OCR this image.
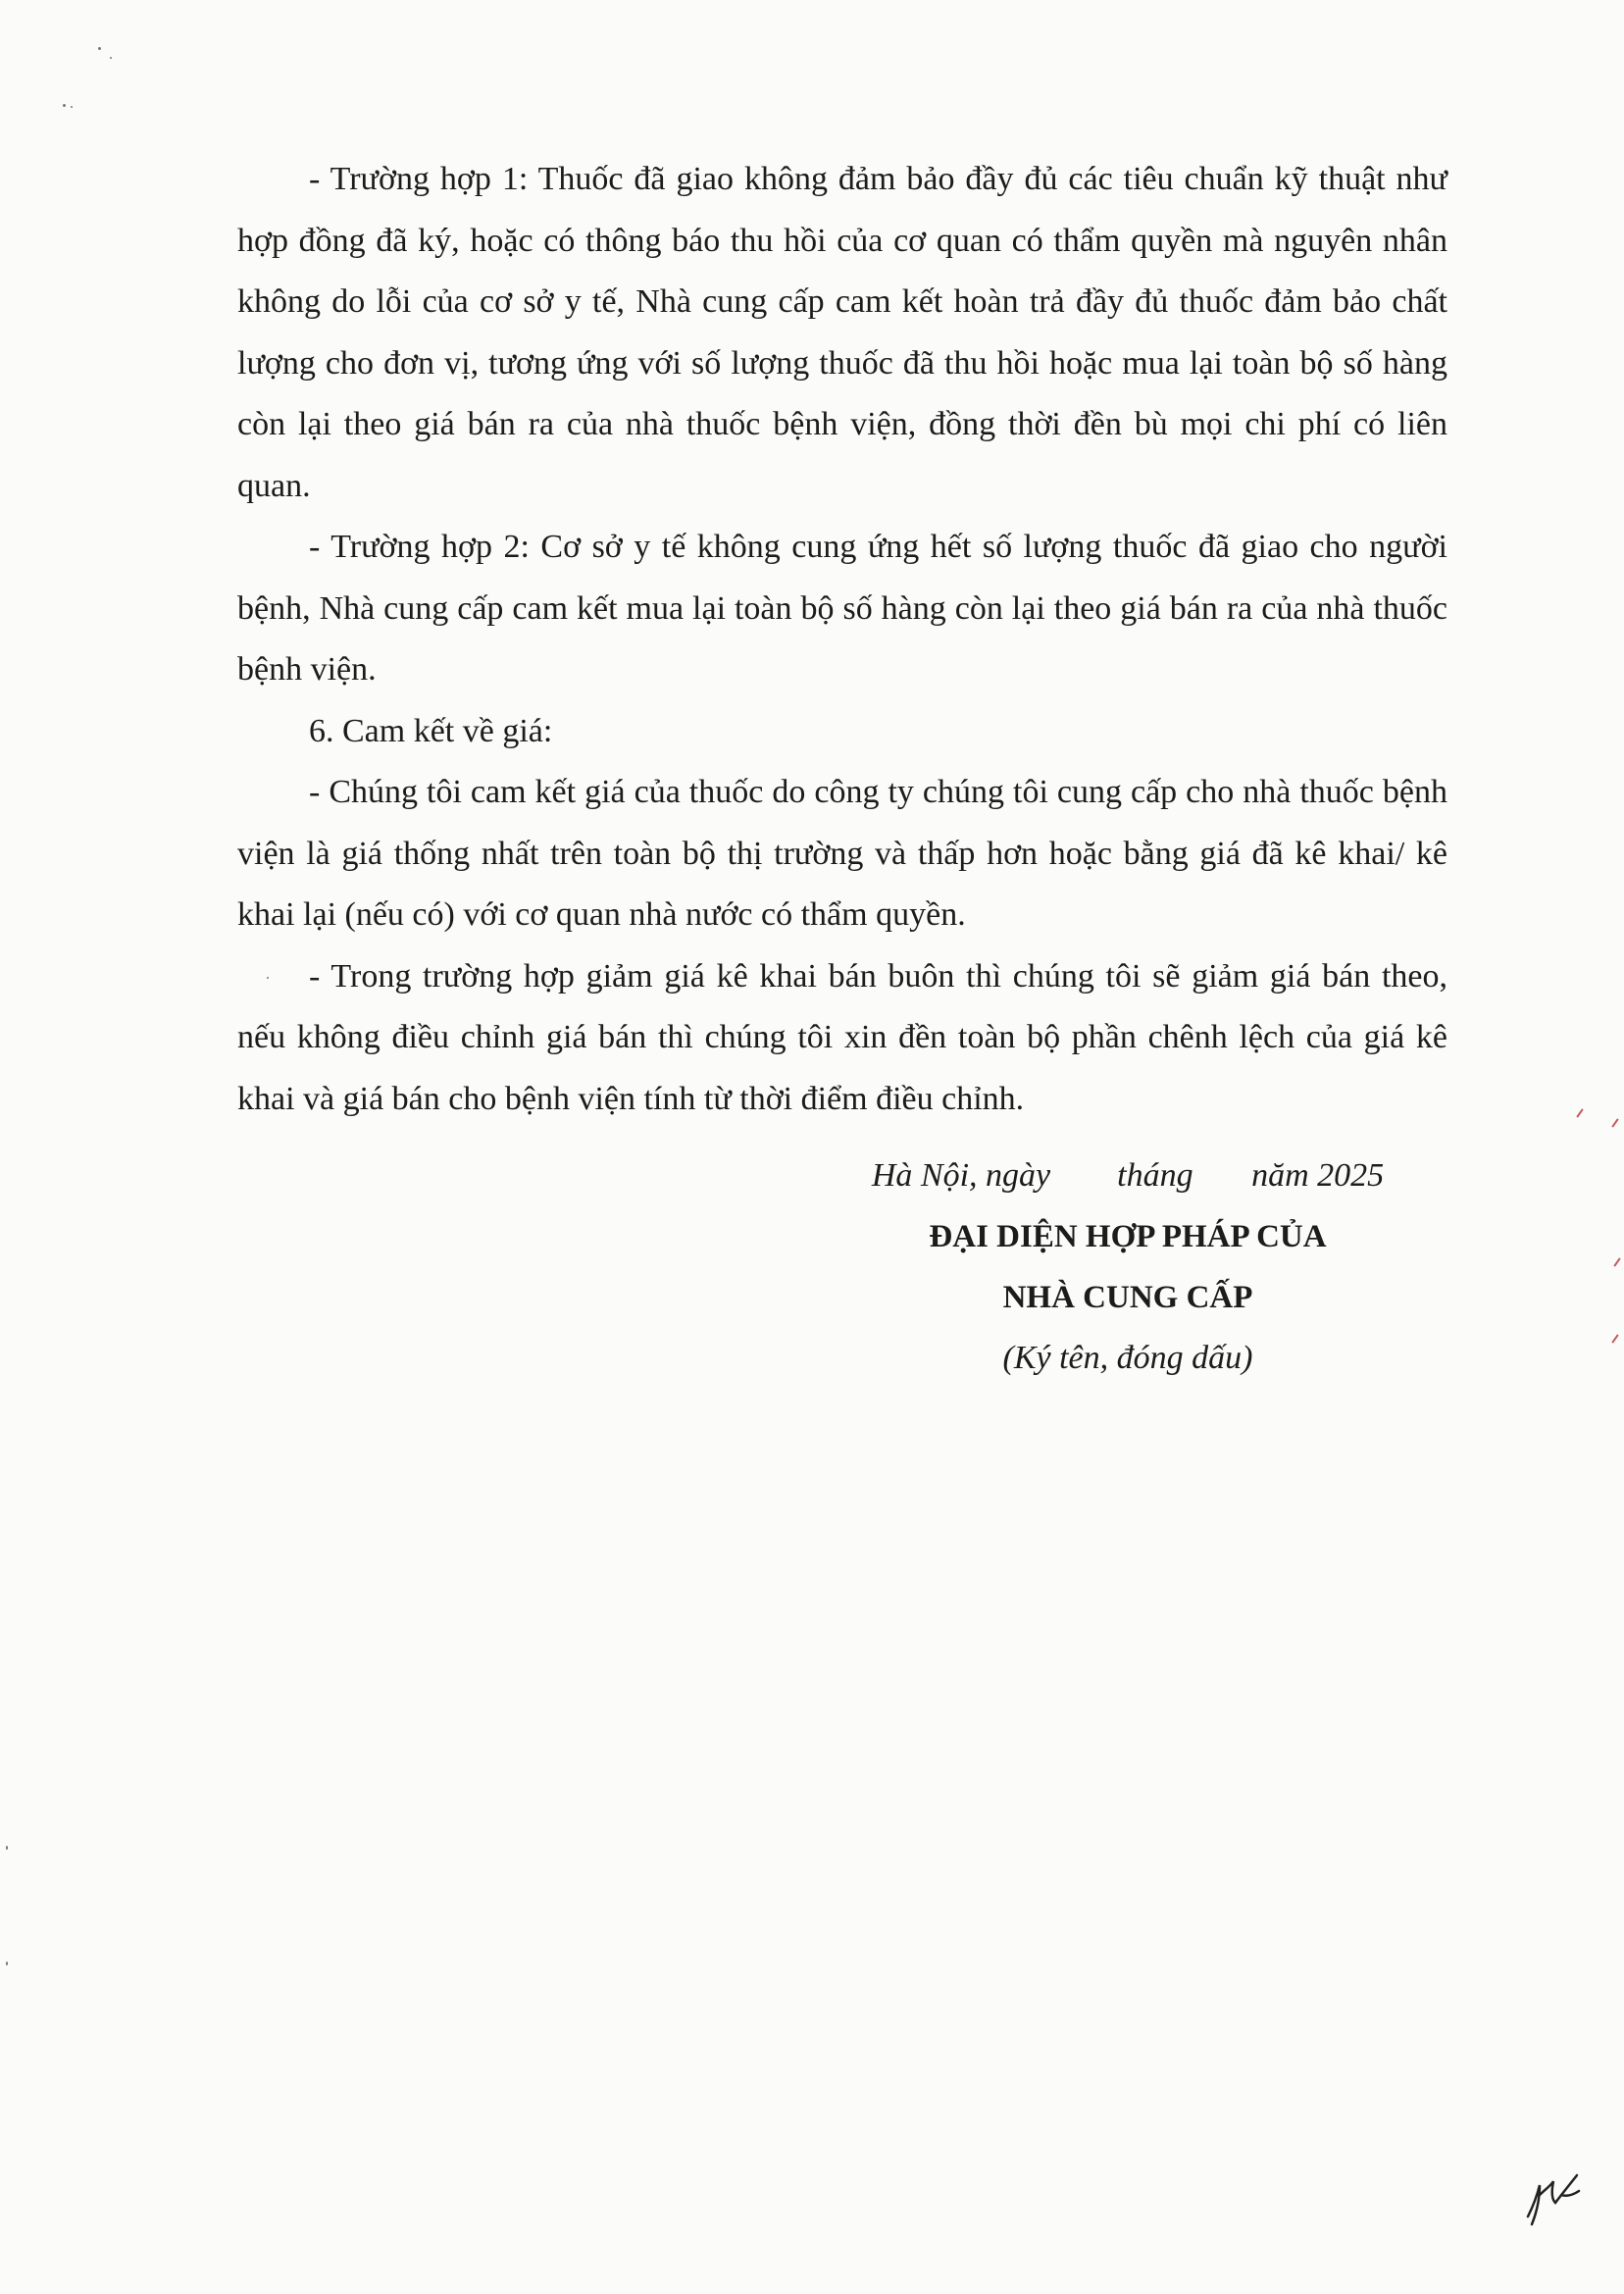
- Trường hợp 1: Thuốc đã giao không đảm bảo đầy đủ các tiêu chuẩn kỹ thuật như hợp đồng đã ký, hoặc có thông báo thu hồi của cơ quan có thẩm quyền mà nguyên nhân không do lỗi của cơ sở y tế, Nhà cung cấp cam kết hoàn trả đầy đủ thuốc đảm bảo chất lượng cho đơn vị, tương ứng với số lượng thuốc đã thu hồi hoặc mua lại toàn bộ số hàng còn lại theo giá bán ra của nhà thuốc bệnh viện, đồng thời đền bù mọi chi phí có liên quan.

- Trường hợp 2: Cơ sở y tế không cung ứng hết số lượng thuốc đã giao cho người bệnh, Nhà cung cấp cam kết mua lại toàn bộ số hàng còn lại theo giá bán ra của nhà thuốc bệnh viện.

6. Cam kết về giá:

- Chúng tôi cam kết giá của thuốc do công ty chúng tôi cung cấp cho nhà thuốc bệnh viện là giá thống nhất trên toàn bộ thị trường và thấp hơn hoặc bằng giá đã kê khai/ kê khai lại (nếu có) với cơ quan nhà nước có thẩm quyền.

- Trong trường hợp giảm giá kê khai bán buôn thì chúng tôi sẽ giảm giá bán theo, nếu không điều chỉnh giá bán thì chúng tôi xin đền toàn bộ phần chênh lệch của giá kê khai và giá bán cho bệnh viện tính từ thời điểm điều chỉnh.

Hà Nội, ngày        tháng       năm 2025
ĐẠI DIỆN HỢP PHÁP CỦA
NHÀ CUNG CẤP
(Ký tên, đóng dấu)
